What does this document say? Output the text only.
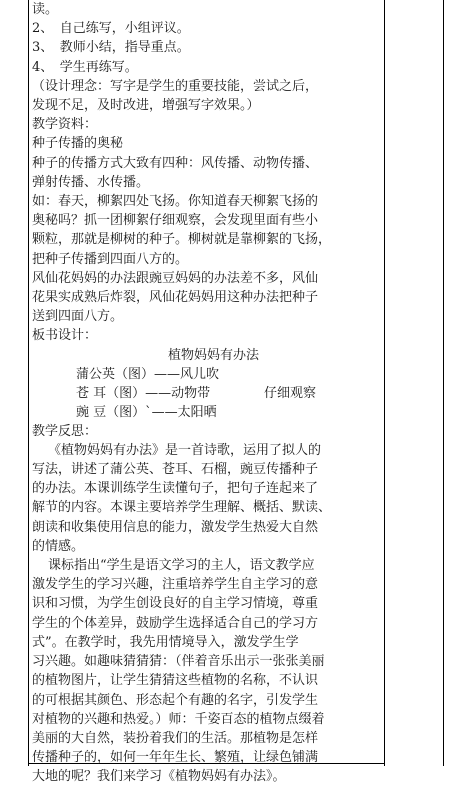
读。

2、　自己练写，小组评议。

3、　教师小结，指导重点。

4、　学生再练写。

（设计理念：写字是学生的重要技能，尝试之后，

发现不足，及时改进，增强写字效果。）

教学资料：

种子传播的奥秘

种子的传播方式大致有四种：风传播、动物传播、

弹射传播、水传播。

如：春天，柳絮四处飞扬。你知道春天柳絮飞扬的

奥秘吗？抓一团柳絮仔细观察，会发现里面有些小

颗粒，那就是柳树的种子。柳树就是靠柳絮的飞扬，

把种子传播到四面八方的。

风仙花妈妈的办法跟豌豆妈妈的办法差不多，风仙

花果实成熟后炸裂，风仙花妈妈用这种办法把种子

送到四面八方。

板书设计：

植物妈妈有办法

蒲公英（图）——风儿吹

苍 耳（图）——动物带	仔细观察

豌 豆（图）ˋ——太阳晒

教学反思：

《植物妈妈有办法》是一首诗歌，运用了拟人的

写法，讲述了蒲公英、苍耳、石榴，豌豆传播种子

的办法。本课训练学生读懂句子，把句子连起来了

解节的内容。本课主要培养学生理解、概括、默读、

朗读和收集使用信息的能力，激发学生热爱大自然

的情感。

课标指出“学生是语文学习的主人，语文教学应

激发学生的学习兴趣，注重培养学生自主学习的意

识和习惯，为学生创设良好的自主学习情境，尊重

学生的个体差异，鼓励学生选择适合自己的学习方

式”。在教学时，我先用情境导入，激发学生学

习兴趣。如趣味猜猜猜：（伴着音乐出示一张张美丽

的植物图片，让学生猜猜这些植物的名称，不认识

的可根据其颜色、形态起个有趣的名字，引发学生

对植物的兴趣和热爱。）师：千姿百态的植物点缀着

美丽的大自然，装扮着我们的生活。那植物是怎样

传播种子的，如何一年年生长、繁殖，让绿色铺满

大地的呢？我们来学习《植物妈妈有办法》。
